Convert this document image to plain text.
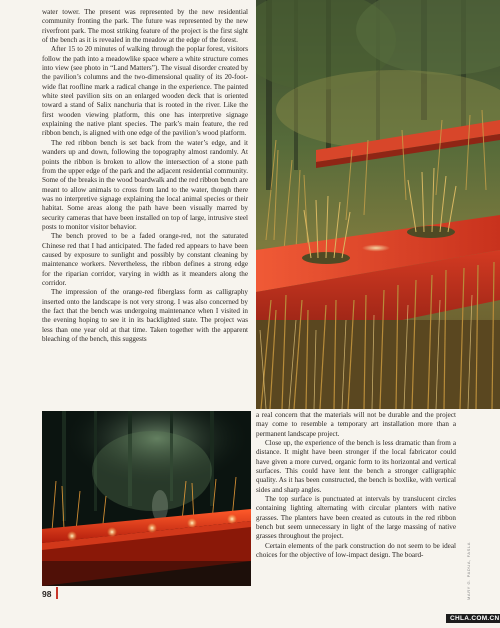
water tower. The present was represented by the new residential community fronting the park. The future was represented by the new riverfront park. The most striking feature of the project is the first sight of the bench as it is revealed in the meadow at the edge of the forest.

After 15 to 20 minutes of walking through the poplar forest, visitors follow the path into a meadowlike space where a white structure comes into view (see photo in “Land Matters”). The visual disorder created by the pavilion’s columns and the two-dimensional quality of its 20-foot-wide flat roofline mark a radical change in the experience. The painted white steel pavilion sits on an enlarged wooden deck that is oriented toward a stand of Salix nanchuria that is rooted in the river. Like the first wooden viewing platform, this one has interpretive signage explaining the native plant species. The park’s main feature, the red ribbon bench, is aligned with one edge of the pavilion’s wood platform.

The red ribbon bench is set back from the water’s edge, and it wanders up and down, following the topography almost randomly. At points the ribbon is broken to allow the intersection of a stone path from the upper edge of the park and the adjacent residential community. Some of the breaks in the wood boardwalk and the red ribbon bench are meant to allow animals to cross from land to the water, though there was no interpretive signage explaining the local animal species or their habitat. Some areas along the path have been visually marred by security cameras that have been installed on top of large, intrusive steel posts to monitor visitor behavior.

The bench proved to be a faded orange-red, not the saturated Chinese red that I had anticipated. The faded red appears to have been caused by exposure to sunlight and possibly by constant cleaning by maintenance workers. Nevertheless, the ribbon defines a strong edge for the riparian corridor, varying in width as it meanders along the corridor.

The impression of the orange-red fiberglass form as calligraphy inserted onto the landscape is not very strong. I was also concerned by the fact that the bench was undergoing maintenance when I visited in the evening hoping to see it in its backlighted state. The project was less than one year old at that time. Taken together with the apparent bleaching of the bench, this suggests

a real concern that the materials will not be durable and the project may come to resemble a temporary art installation more than a permanent landscape project.

Close up, the experience of the bench is less dramatic than from a distance. It might have been stronger if the local fabricator could have given a more curved, organic form to its horizontal and vertical surfaces. This could have lent the bench a stronger calligraphic quality. As it has been constructed, the bench is boxlike, with vertical sides and sharp angles.

The top surface is punctuated at intervals by translucent circles containing lighting alternating with circular planters with native grasses. The planters have been created as cutouts in the red ribbon bench but seem unnecessary in light of the large massing of native grasses throughout the project.

Certain elements of the park construction do not seem to be ideal choices for the objective of low-impact design. The board-	MARY G. PADUA, FASLA
98
CHLA.COM.CN
